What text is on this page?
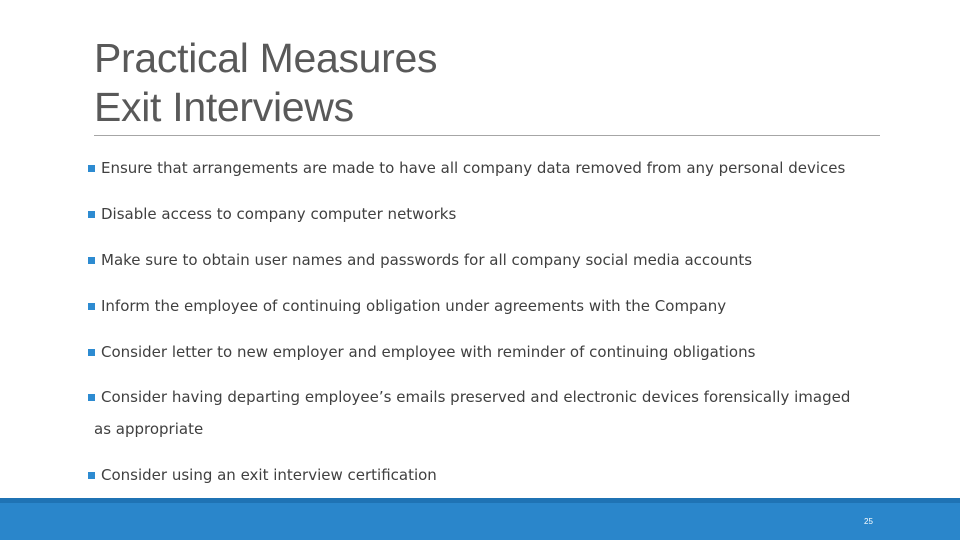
Practical Measures
Exit Interviews
Ensure that arrangements are made to have all company data removed from any personal devices
Disable access to company computer networks
Make sure to obtain user names and passwords for all company social media accounts
Inform the employee of continuing obligation under agreements with the Company
Consider letter to new employer and employee with reminder of continuing obligations
Consider having departing employee’s emails preserved and electronic devices forensically imaged
as appropriate
Consider using an exit interview certification
25
